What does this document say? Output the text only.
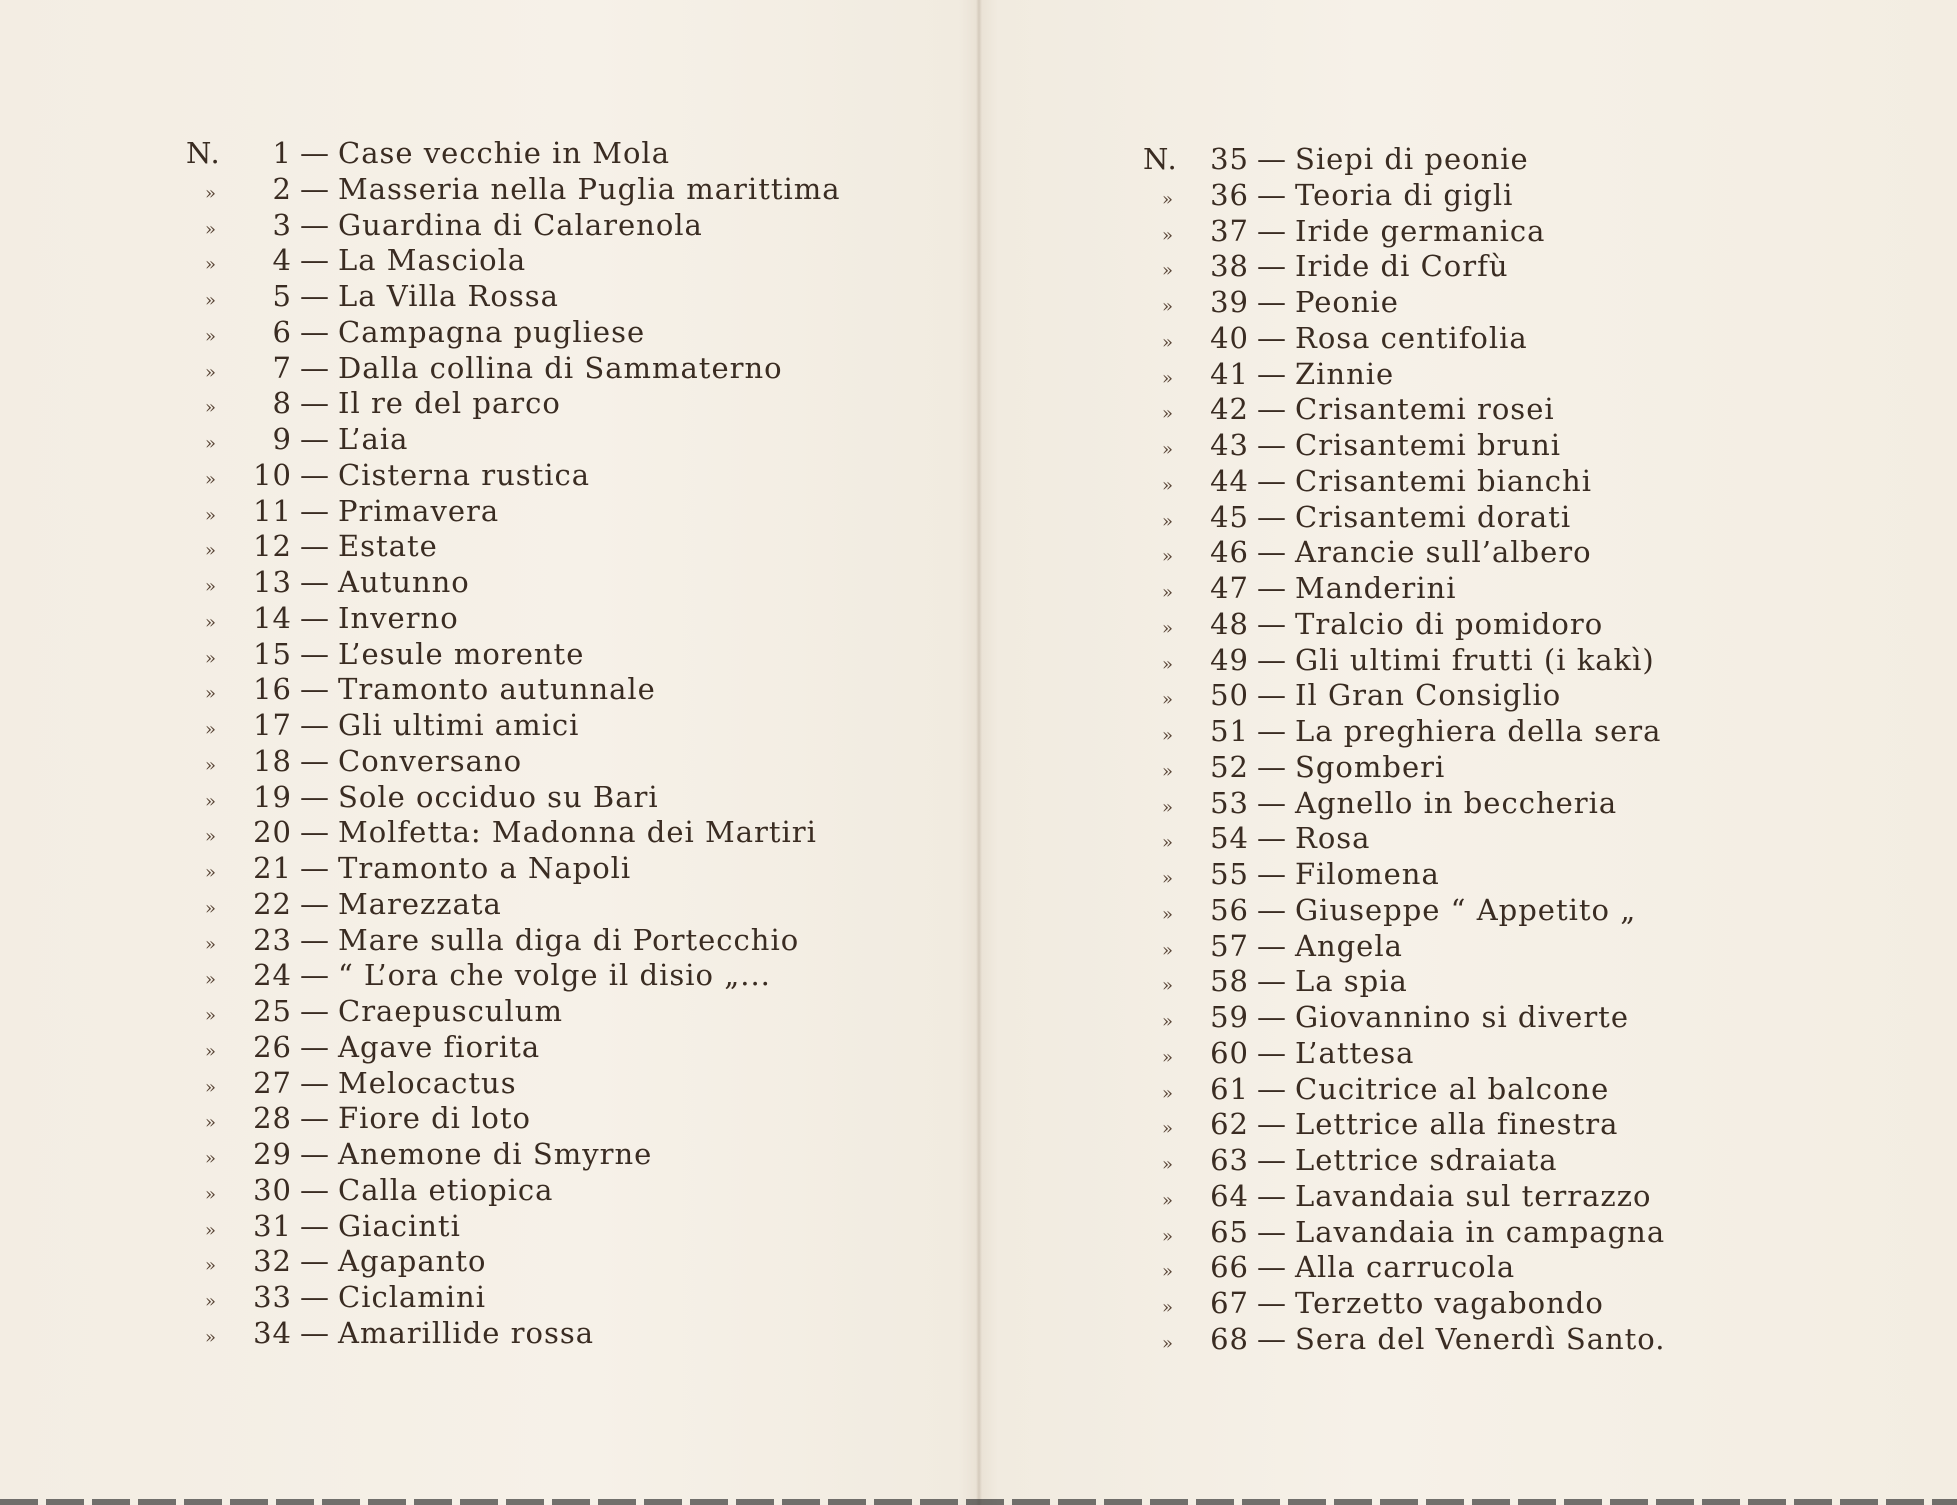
N.	1 — Case vecchie in Mola
»	2 — Masseria nella Puglia marittima
»	3 — Guardina di Calarenola
»	4 — La Masciola
»	5 — La Villa Rossa
»	6 — Campagna pugliese
»	7 — Dalla collina di Sammaterno
»	8 — Il re del parco
»	9 — L’aia
»	10 — Cisterna rustica
»	11 — Primavera
»	12 — Estate
»	13 — Autunno
»	14 — Inverno
»	15 — L’esule morente
»	16 — Tramonto autunnale
»	17 — Gli ultimi amici
»	18 — Conversano
»	19 — Sole occiduo su Bari
»	20 — Molfetta: Madonna dei Martiri
»	21 — Tramonto a Napoli
»	22 — Marezzata
»	23 — Mare sulla diga di Portecchio
»	24 — “ L’ora che volge il disio „...
»	25 — Craepusculum
»	26 — Agave fiorita
»	27 — Melocactus
»	28 — Fiore di loto
»	29 — Anemone di Smyrne
»	30 — Calla etiopica
»	31 — Giacinti
»	32 — Agapanto
»	33 — Ciclamini
»	34 — Amarillide rossa
N.	35 — Siepi di peonie
»	36 — Teoria di gigli
»	37 — Iride germanica
»	38 — Iride di Corfù
»	39 — Peonie
»	40 — Rosa centifolia
»	41 — Zinnie
»	42 — Crisantemi rosei
»	43 — Crisantemi bruni
»	44 — Crisantemi bianchi
»	45 — Crisantemi dorati
»	46 — Arancie sull’albero
»	47 — Manderini
»	48 — Tralcio di pomidoro
»	49 — Gli ultimi frutti (i kakì)
»	50 — Il Gran Consiglio
»	51 — La preghiera della sera
»	52 — Sgomberi
»	53 — Agnello in beccheria
»	54 — Rosa
»	55 — Filomena
»	56 — Giuseppe “ Appetito „
»	57 — Angela
»	58 — La spia
»	59 — Giovannino si diverte
»	60 — L’attesa
»	61 — Cucitrice al balcone
»	62 — Lettrice alla finestra
»	63 — Lettrice sdraiata
»	64 — Lavandaia sul terrazzo
»	65 — Lavandaia in campagna
»	66 — Alla carrucola
»	67 — Terzetto vagabondo
»	68 — Sera del Venerdì Santo.
